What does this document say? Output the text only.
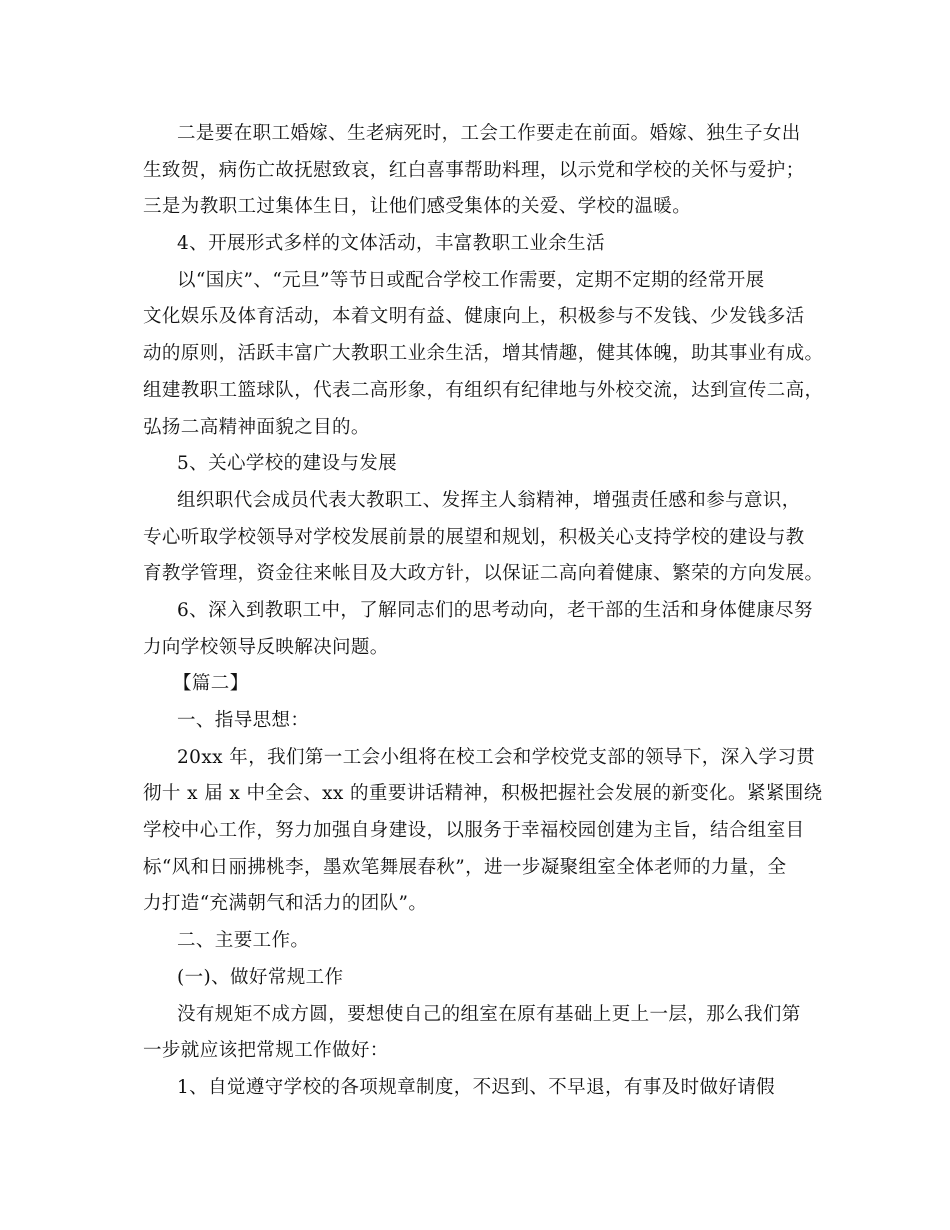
二是要在职工婚嫁、生老病死时，工会工作要走在前面。婚嫁、独生子女出
生致贺，病伤亡故抚慰致哀，红白喜事帮助料理，以示党和学校的关怀与爱护；
三是为教职工过集体生日，让他们感受集体的关爱、学校的温暖。
4、开展形式多样的文体活动，丰富教职工业余生活
以“国庆”、“元旦”等节日或配合学校工作需要，定期不定期的经常开展
文化娱乐及体育活动，本着文明有益、健康向上，积极参与不发钱、少发钱多活
动的原则，活跃丰富广大教职工业余生活，增其情趣，健其体魄，助其事业有成。
组建教职工篮球队，代表二高形象，有组织有纪律地与外校交流，达到宣传二高，
弘扬二高精神面貌之目的。
5、关心学校的建设与发展
组织职代会成员代表大教职工、发挥主人翁精神，增强责任感和参与意识，
专心听取学校领导对学校发展前景的展望和规划，积极关心支持学校的建设与教
育教学管理，资金往来帐目及大政方针，以保证二高向着健康、繁荣的方向发展。
6、深入到教职工中，了解同志们的思考动向，老干部的生活和身体健康尽努
力向学校领导反映解决问题。
【篇二】
一、指导思想：
20xx 年，我们第一工会小组将在校工会和学校党支部的领导下，深入学习贯
彻十 x 届 x 中全会、xx 的重要讲话精神，积极把握社会发展的新变化。紧紧围绕
学校中心工作，努力加强自身建设，以服务于幸福校园创建为主旨，结合组室目
标“风和日丽拂桃李，墨欢笔舞展春秋”，进一步凝聚组室全体老师的力量，全
力打造“充满朝气和活力的团队”。
二、主要工作。
(一)、做好常规工作
没有规矩不成方圆，要想使自己的组室在原有基础上更上一层，那么我们第
一步就应该把常规工作做好：
1、自觉遵守学校的各项规章制度，不迟到、不早退，有事及时做好请假
